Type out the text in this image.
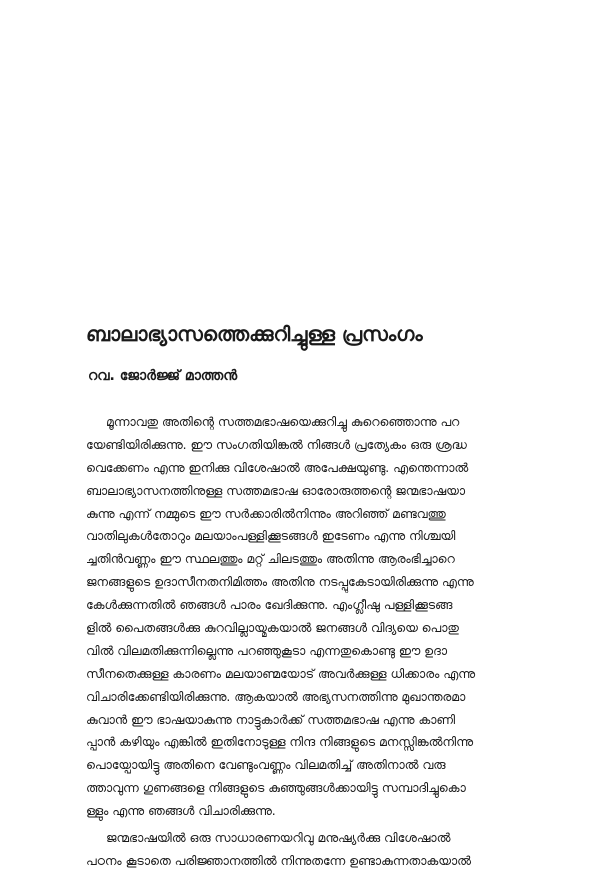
ബാലാഭ്യാസത്തെക്കുറിച്ചുള്ള പ്രസംഗം
റവ. ജോർജ്ജ് മാത്തൻ

മൂന്നാവതു അതിന്റെ സത്തമഭാഷയെക്കുറിച്ചു കുറെഞ്ഞൊന്നു പറ
യേണ്ടിയിരിക്കുന്നു. ഈ സംഗതിയിങ്കൽ നിങ്ങൾ പ്രത്യേകം ഒരു ശ്രദ്ധ
വെക്കേണം എന്നു ഇനിക്കു വിശേഷാൽ അപേക്ഷയുണ്ടു. എന്തെന്നാൽ
ബാലാഭ്യാസനത്തിനുള്ള സത്തമഭാഷ ഓരോരുത്തന്റെ ജന്മഭാഷയാ
കുന്നു എന്ന് നമ്മുടെ ഈ സർക്കാരിൽനിന്നും അറിഞ്ഞ് മണ്ടവത്തു
വാതിലുകൾതോറും മലയാംപള്ളിക്കൂടങ്ങൾ ഇടേണം എന്നു നിശ്ചയി
ച്ചതിൻവണ്ണം ഈ സ്ഥലത്തും മറ്റ് ചിലടത്തും അതിന്നു ആരംഭിച്ചാറെ
ജനങ്ങളുടെ ഉദാസീനതനിമിത്തം അതിനു നടപ്പുകേടായിരിക്കുന്നു എന്നു
കേൾക്കുന്നതിൽ ഞങ്ങൾ പാരം ഖേദിക്കുന്നു. എംഗ്ലീഷു പള്ളിക്കൂടങ്ങ
ളിൽ പൈതങ്ങൾക്കു കുറവില്ലായ്മകയാൽ ജനങ്ങൾ വിദ്യയെ പൊതു
വിൽ വിലമതിക്കുന്നില്ലെന്നു പറഞ്ഞുകൂടാ എന്നതുകൊണ്ടു ഈ ഉദാ
സീനതെക്കുള്ള കാരണം മലയാണ്മയോട് അവർക്കുള്ള ധിക്കാരം എന്നു
വിചാരിക്കേണ്ടിയിരിക്കുന്നു. ആകയാൽ അഭ്യസനത്തിന്നു മുഖാന്തരമാ
കുവാൻ ഈ ഭാഷയാകുന്നു നാട്ടുകാർക്ക് സത്തമഭാഷ എന്നു കാണി
പ്പാൻ കഴിയും എങ്കിൽ ഇതിനോടുള്ള നിന്ദ നിങ്ങളുടെ മനസ്സിങ്കൽനിന്നു
പൊയ്പോയിട്ടു അതിനെ വേണ്ടുംവണ്ണം വിലമതിച്ച് അതിനാൽ വരു
ത്താവുന്ന ഗുണങ്ങളെ നിങ്ങളുടെ കുഞ്ഞുങ്ങൾക്കായിട്ടു സമ്പാദിച്ചുകൊ
ള്ളും എന്നു ഞങ്ങൾ വിചാരിക്കുന്നു.

ജന്മഭാഷയിൽ ഒരു സാധാരണയറിവു മനുഷ്യർക്കു വിശേഷാൽ
പഠനം കൂടാതെ പരിജ്ഞാനത്തിൽ നിന്നുതന്നേ ഉണ്ടാകുന്നതാകയാൽ
